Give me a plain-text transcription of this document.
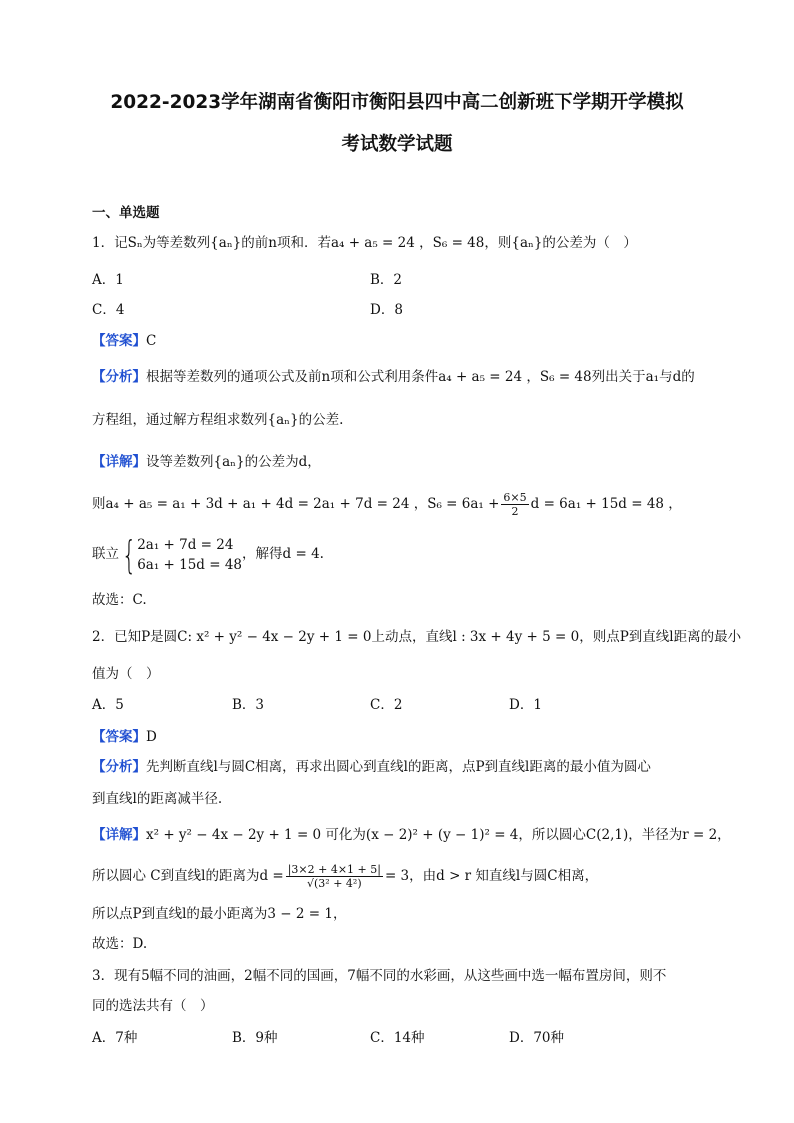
2022-2023学年湖南省衡阳市衡阳县四中高二创新班下学期开学模拟
考试数学试题
一、单选题
1．记Sₙ为等差数列{aₙ}的前n项和．若a₄ + a₅ = 24 ，S₆ = 48，则{aₙ}的公差为（　）
A．1	B．2
C．4	D．8
【答案】C
【分析】根据等差数列的通项公式及前n项和公式利用条件a₄ + a₅ = 24 ，S₆ = 48列出关于a₁与d的
方程组，通过解方程组求数列{aₙ}的公差.
【详解】设等差数列{aₙ}的公差为d，
则a₄ + a₅ = a₁ + 3d + a₁ + 4d = 2a₁ + 7d = 24 ，$S_6 = 6a_1 + \frac{6\times 5}{2}$ d = 6a₁ + 15d = 48 ，
联立{ 2a₁ + 7d = 24
6a₁ + 15d = 48
，解得d = 4.
故选：C.
2．已知P是圆C: x² + y² − 4x − 2y + 1 = 0上动点，直线l : 3x + 4y + 5 = 0，则点P到直线l距离的最小
值为（　）
A．5	B．3	C．2	D．1
【答案】D
【分析】先判断直线l与圆C相离，再求出圆心到直线l的距离，点P到直线l距离的最小值为圆心
到直线l的距离减半径.
【详解】x² + y² − 4x − 2y + 1 = 0 可化为(x − 2)² + (y − 1)² = 4，所以圆心C(2,1)，半径为r = 2，
所以圆心 C到直线l的距离为$d = \frac{|3\times 2 + 4\times 1 + 5|}{\text{√(3² + 4²)}} = 3$，由d > r 知直线l与圆C相离，
所以点P到直线l的最小距离为3 − 2 = 1，
故选：D.
3．现有5幅不同的油画，2幅不同的国画，7幅不同的水彩画，从这些画中选一幅布置房间，则不
同的选法共有（　）
A．7种	B．9种	C．14种	D．70种
